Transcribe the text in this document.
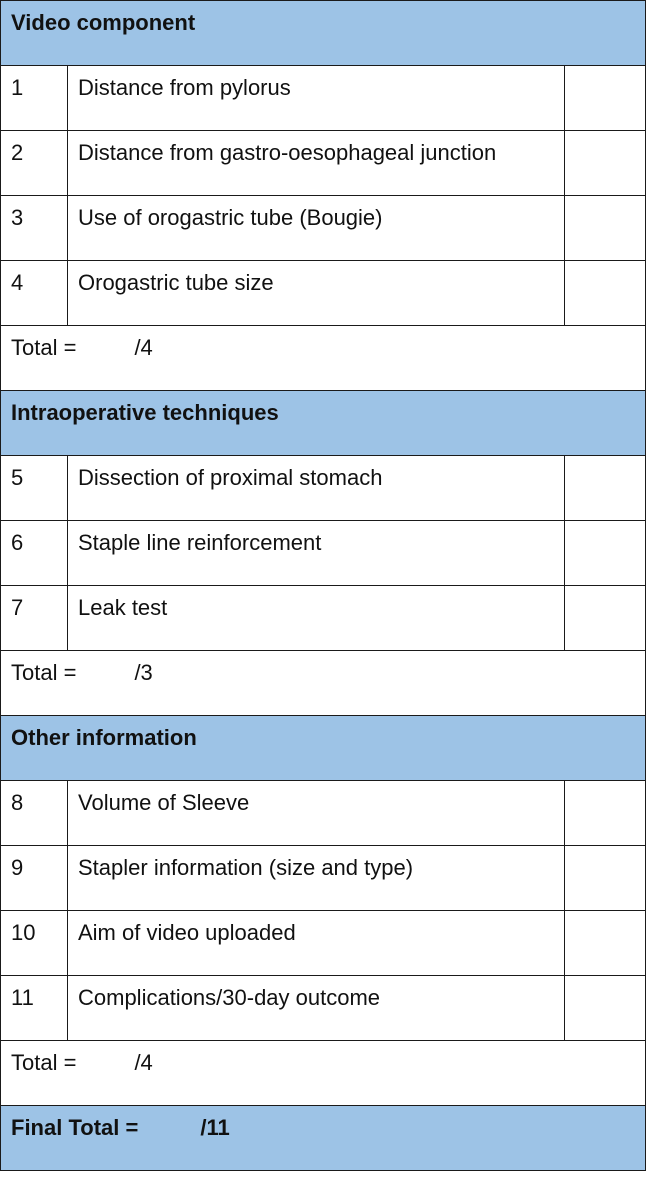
Video component		
1	Distance from pylorus	
2	Distance from gastro-oesophageal junction	
3	Use of orogastric tube (Bougie)	
4	Orogastric tube size	
Total = /4		
Intraoperative techniques		
5	Dissection of proximal stomach	
6	Staple line reinforcement	
7	Leak test	
Total = /3		
Other information		
8	Volume of Sleeve	
9	Stapler information (size and type)	
10	Aim of video uploaded	
11	Complications/30-day outcome	
Total = /4		
Final Total = /11		
